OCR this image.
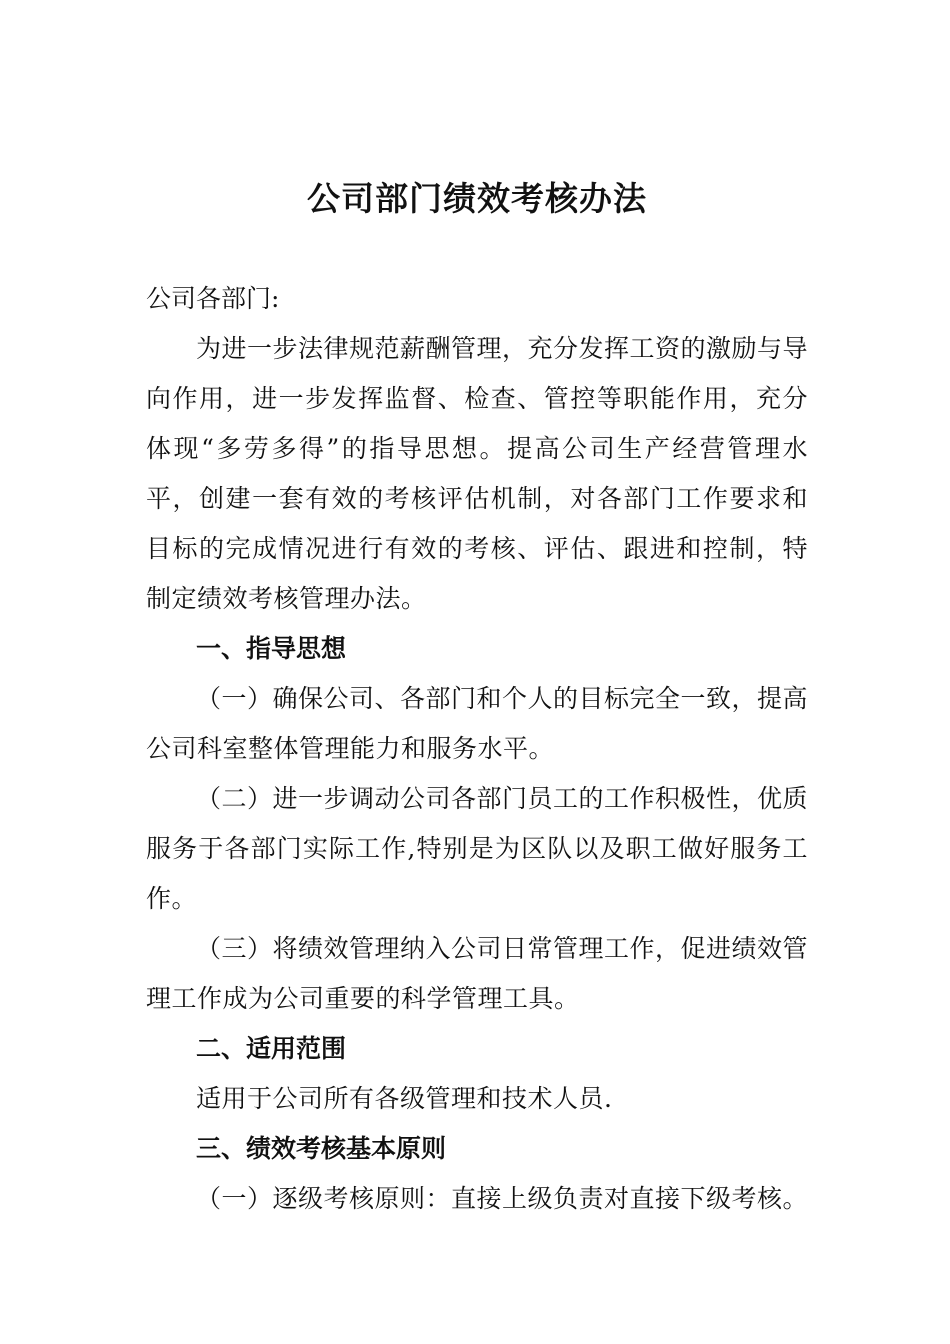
公司部门绩效考核办法

公司各部门:

为进一步法律规范薪酬管理，充分发挥工资的激励与导向作用，进一步发挥监督、检查、管控等职能作用，充分体现“多劳多得”的指导思想。提高公司生产经营管理水平，创建一套有效的考核评估机制，对各部门工作要求和目标的完成情况进行有效的考核、评估、跟进和控制，特制定绩效考核管理办法。

一、指导思想

（一）确保公司、各部门和个人的目标完全一致，提高公司科室整体管理能力和服务水平。

（二）进一步调动公司各部门员工的工作积极性，优质服务于各部门实际工作,特别是为区队以及职工做好服务工作。

（三）将绩效管理纳入公司日常管理工作，促进绩效管理工作成为公司重要的科学管理工具。

二、适用范围

适用于公司所有各级管理和技术人员.

三、绩效考核基本原则

（一）逐级考核原则：直接上级负责对直接下级考核。
